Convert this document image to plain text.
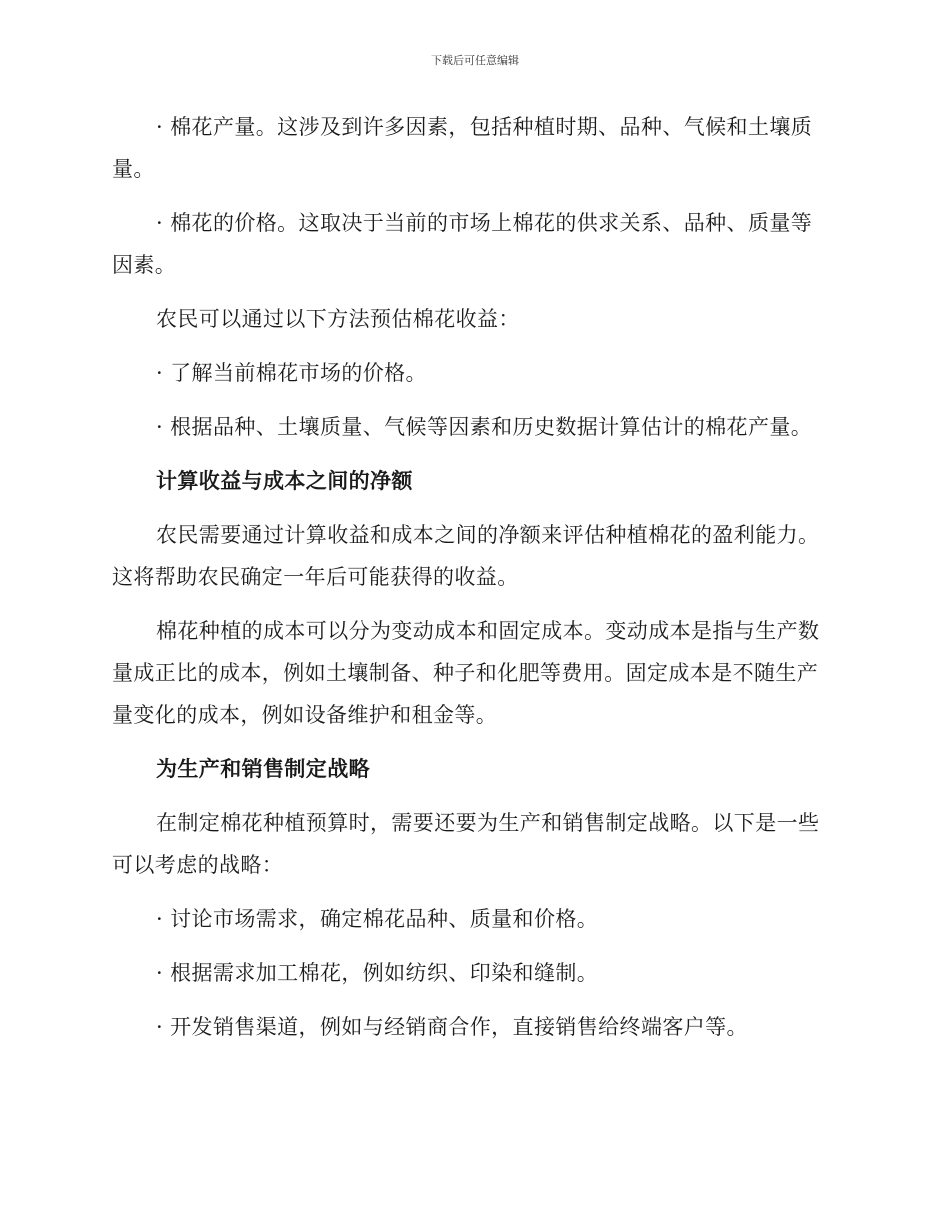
下载后可任意编辑

· 棉花产量。这涉及到许多因素，包括种植时期、品种、气候和土壤质量。

· 棉花的价格。这取决于当前的市场上棉花的供求关系、品种、质量等因素。

农民可以通过以下方法预估棉花收益：

· 了解当前棉花市场的价格。

· 根据品种、土壤质量、气候等因素和历史数据计算估计的棉花产量。

计算收益与成本之间的净额

农民需要通过计算收益和成本之间的净额来评估种植棉花的盈利能力。这将帮助农民确定一年后可能获得的收益。

棉花种植的成本可以分为变动成本和固定成本。变动成本是指与生产数量成正比的成本，例如土壤制备、种子和化肥等费用。固定成本是不随生产量变化的成本，例如设备维护和租金等。

为生产和销售制定战略

在制定棉花种植预算时，需要还要为生产和销售制定战略。以下是一些可以考虑的战略：

· 讨论市场需求，确定棉花品种、质量和价格。

· 根据需求加工棉花，例如纺织、印染和缝制。

· 开发销售渠道，例如与经销商合作，直接销售给终端客户等。
